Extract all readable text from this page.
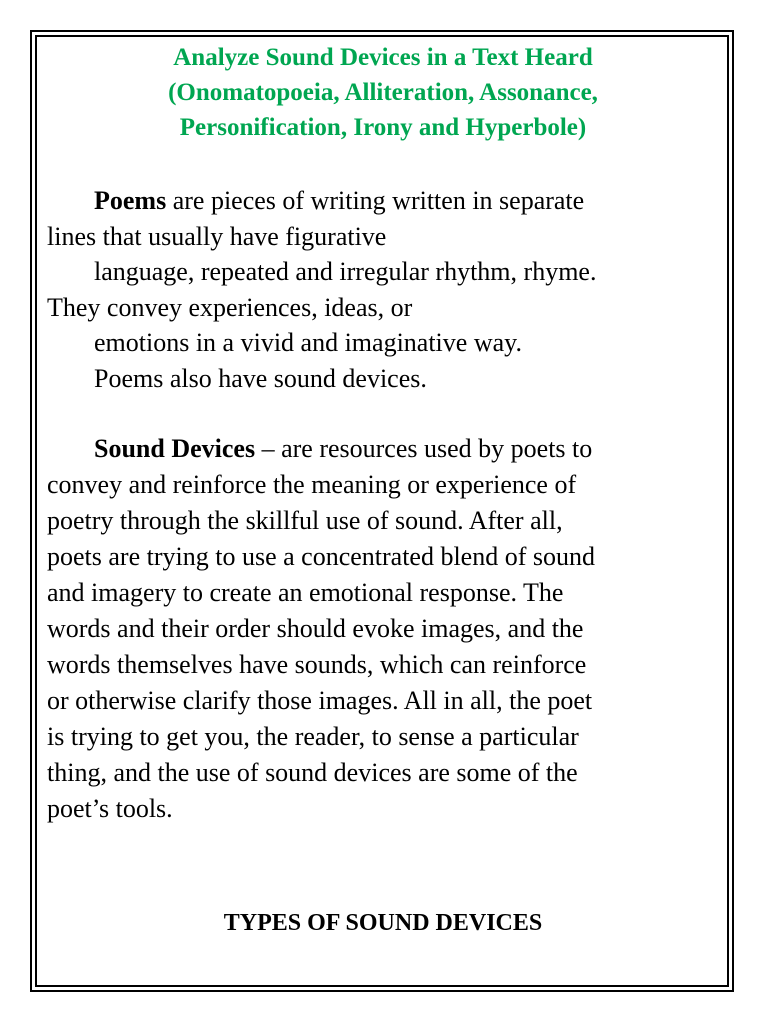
Analyze Sound Devices in a Text Heard
(Onomatopoeia, Alliteration, Assonance,
Personification, Irony and Hyperbole)
Poems are pieces of writing written in separate
lines that usually have figurative
language, repeated and irregular rhythm, rhyme.
They convey experiences, ideas, or
emotions in a vivid and imaginative way.
Poems also have sound devices.
Sound Devices – are resources used by poets to
convey and reinforce the meaning or experience of
poetry through the skillful use of sound. After all,
poets are trying to use a concentrated blend of sound
and imagery to create an emotional response. The
words and their order should evoke images, and the
words themselves have sounds, which can reinforce
or otherwise clarify those images. All in all, the poet
is trying to get you, the reader, to sense a particular
thing, and the use of sound devices are some of the
poet’s tools.
TYPES OF SOUND DEVICES
